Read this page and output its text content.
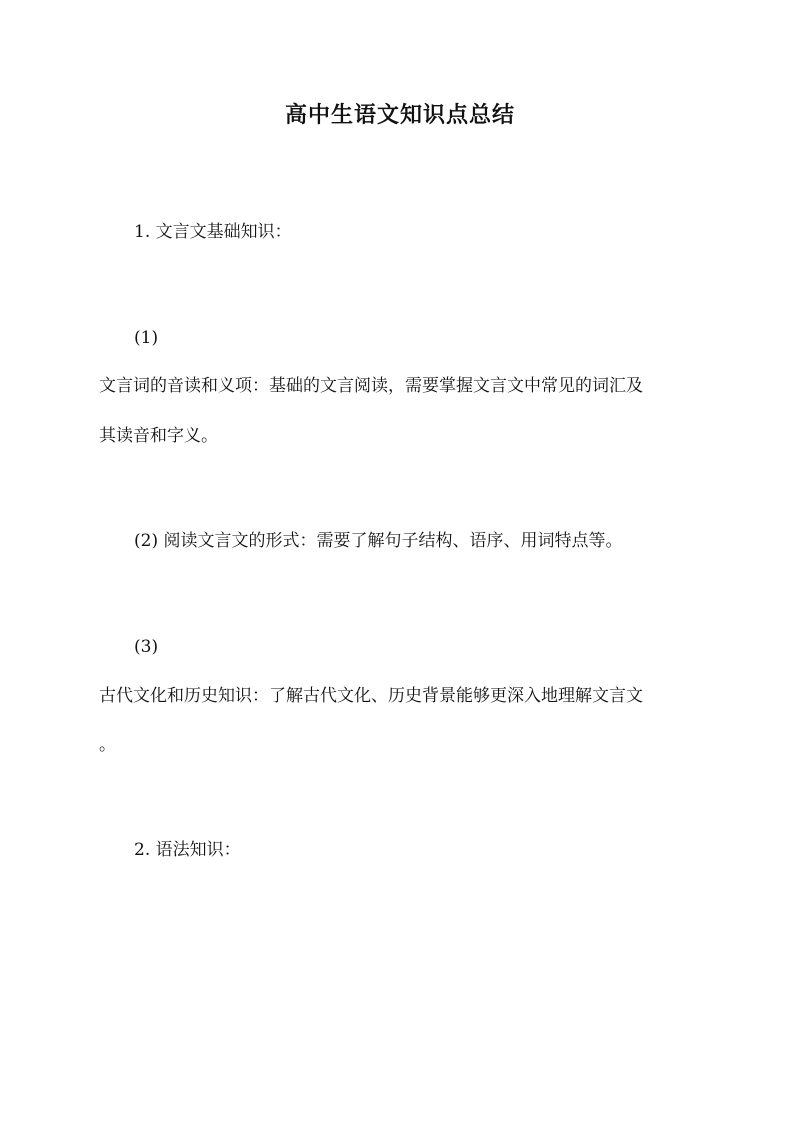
高中生语文知识点总结
1. 文言文基础知识：
(1)
文言词的音读和义项：基础的文言阅读，需要掌握文言文中常见的词汇及
其读音和字义。
(2) 阅读文言文的形式：需要了解句子结构、语序、用词特点等。
(3)
古代文化和历史知识：了解古代文化、历史背景能够更深入地理解文言文
。
2. 语法知识：
